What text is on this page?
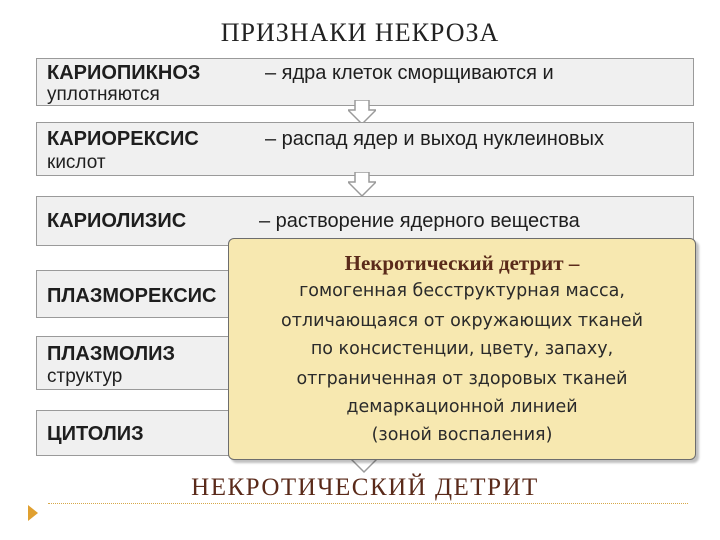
ПРИЗНАКИ НЕКРОЗА
КАРИОПИКНОЗ	– ядра клеток сморщиваются и
уплотняются
КАРИОРЕКСИС	– распад ядер и выход нуклеиновых
кислот
КАРИОЛИЗИС	– растворение ядерного вещества
ПЛАЗМОРЕКСИС
ПЛАЗМОЛИЗ
структур
ЦИТОЛИЗ
Некротический детрит –
гомогенная бесструктурная масса,
отличающаяся от окружающих тканей
по консистенции, цвету, запаху,
отграниченная от здоровых тканей
демаркационной линией
(зоной воспаления)
НЕКРОТИЧЕСКИЙ ДЕТРИТ
